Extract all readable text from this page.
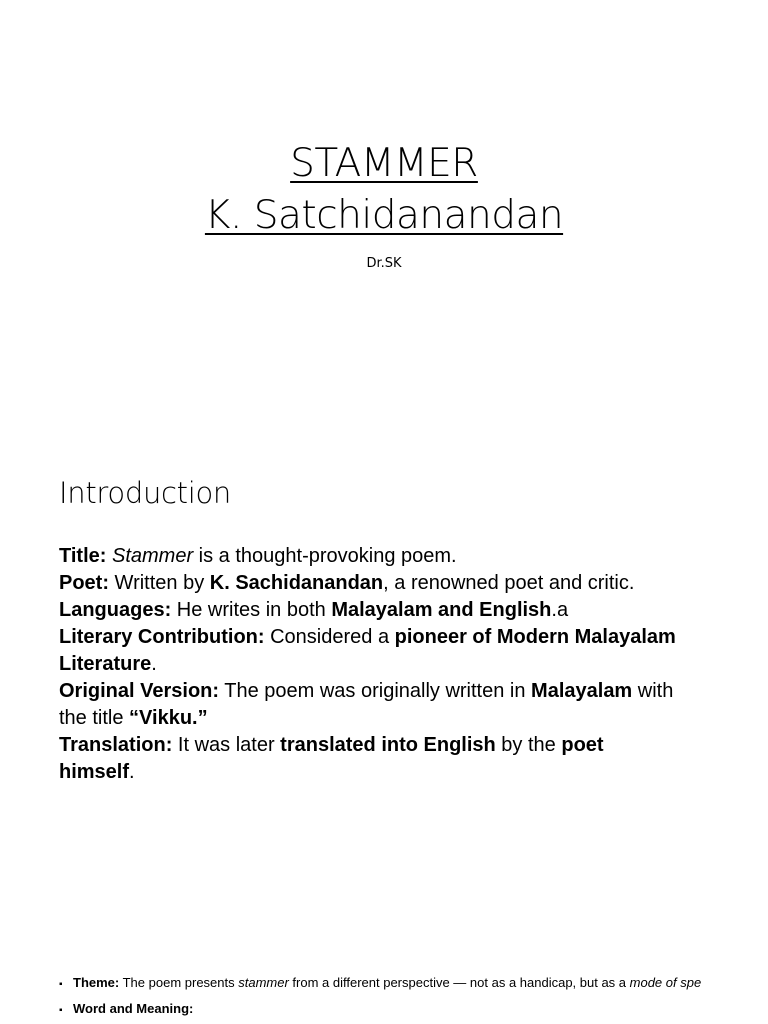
STAMMER
K. Satchidanandan
Dr.SK
Introduction

Title: Stammer is a thought-provoking poem.

Poet: Written by K. Sachidanandan, a renowned poet and critic.

Languages: He writes in both Malayalam and English.a

Literary Contribution: Considered a pioneer of Modern Malayalam Literature.

Original Version: The poem was originally written in Malayalam with the title “Vikku.”

Translation: It was later translated into English by the poet himself.

▪ Theme: The poem presents stammer from a different perspective — not as a handicap, but as a mode of spe
▪ Word and Meaning:
